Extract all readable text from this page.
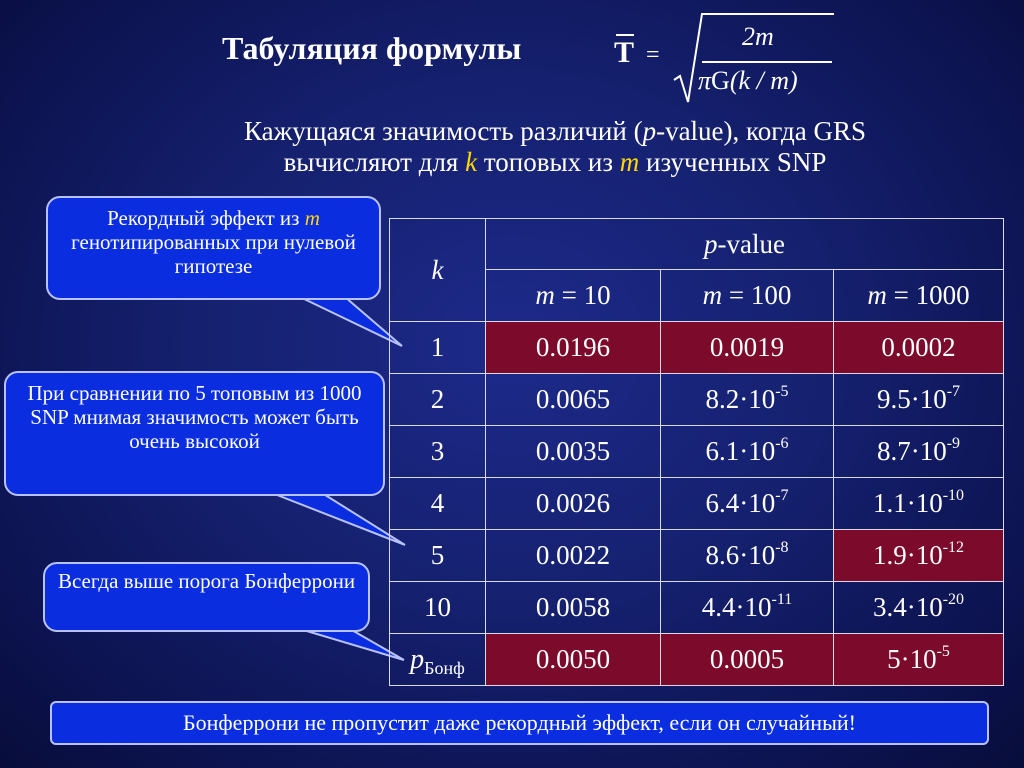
Табуляция формулы	T =
2m
πG(k / m)
Кажущаяся значимость различий (p-value), когда GRS
вычисляют для k топовых из m изученных SNP
Рекордный эффект из m
генотипированных при нулевой гипотезе
При сравнении по 5 топовым из 1000 SNP мнимая значимость может быть очень высокой
Всегда выше порога Бонферрони
k	p-value		
	m = 10	m = 100	m = 1000
1	0.0196	0.0019	0.0002
2	0.0065	$8.2\cdot 10^{-5}$	$9.5\cdot 10^{-7}$
3	0.0035	$6.1\cdot 10^{-6}$	$8.7\cdot 10^{-9}$
4	0.0026	$6.4\cdot 10^{-7}$	$1.1\cdot 10^{-10}$
5	0.0022	$8.6\cdot 10^{-8}$	$1.9\cdot 10^{-12}$
10	0.0058	$4.4\cdot 10^{-11}$	$3.4\cdot 10^{-20}$
$p_{Бонф}$	0.0050	0.0005	$5\cdot 10^{-5}$
Бонферрони не пропустит даже рекордный эффект, если он случайный!
